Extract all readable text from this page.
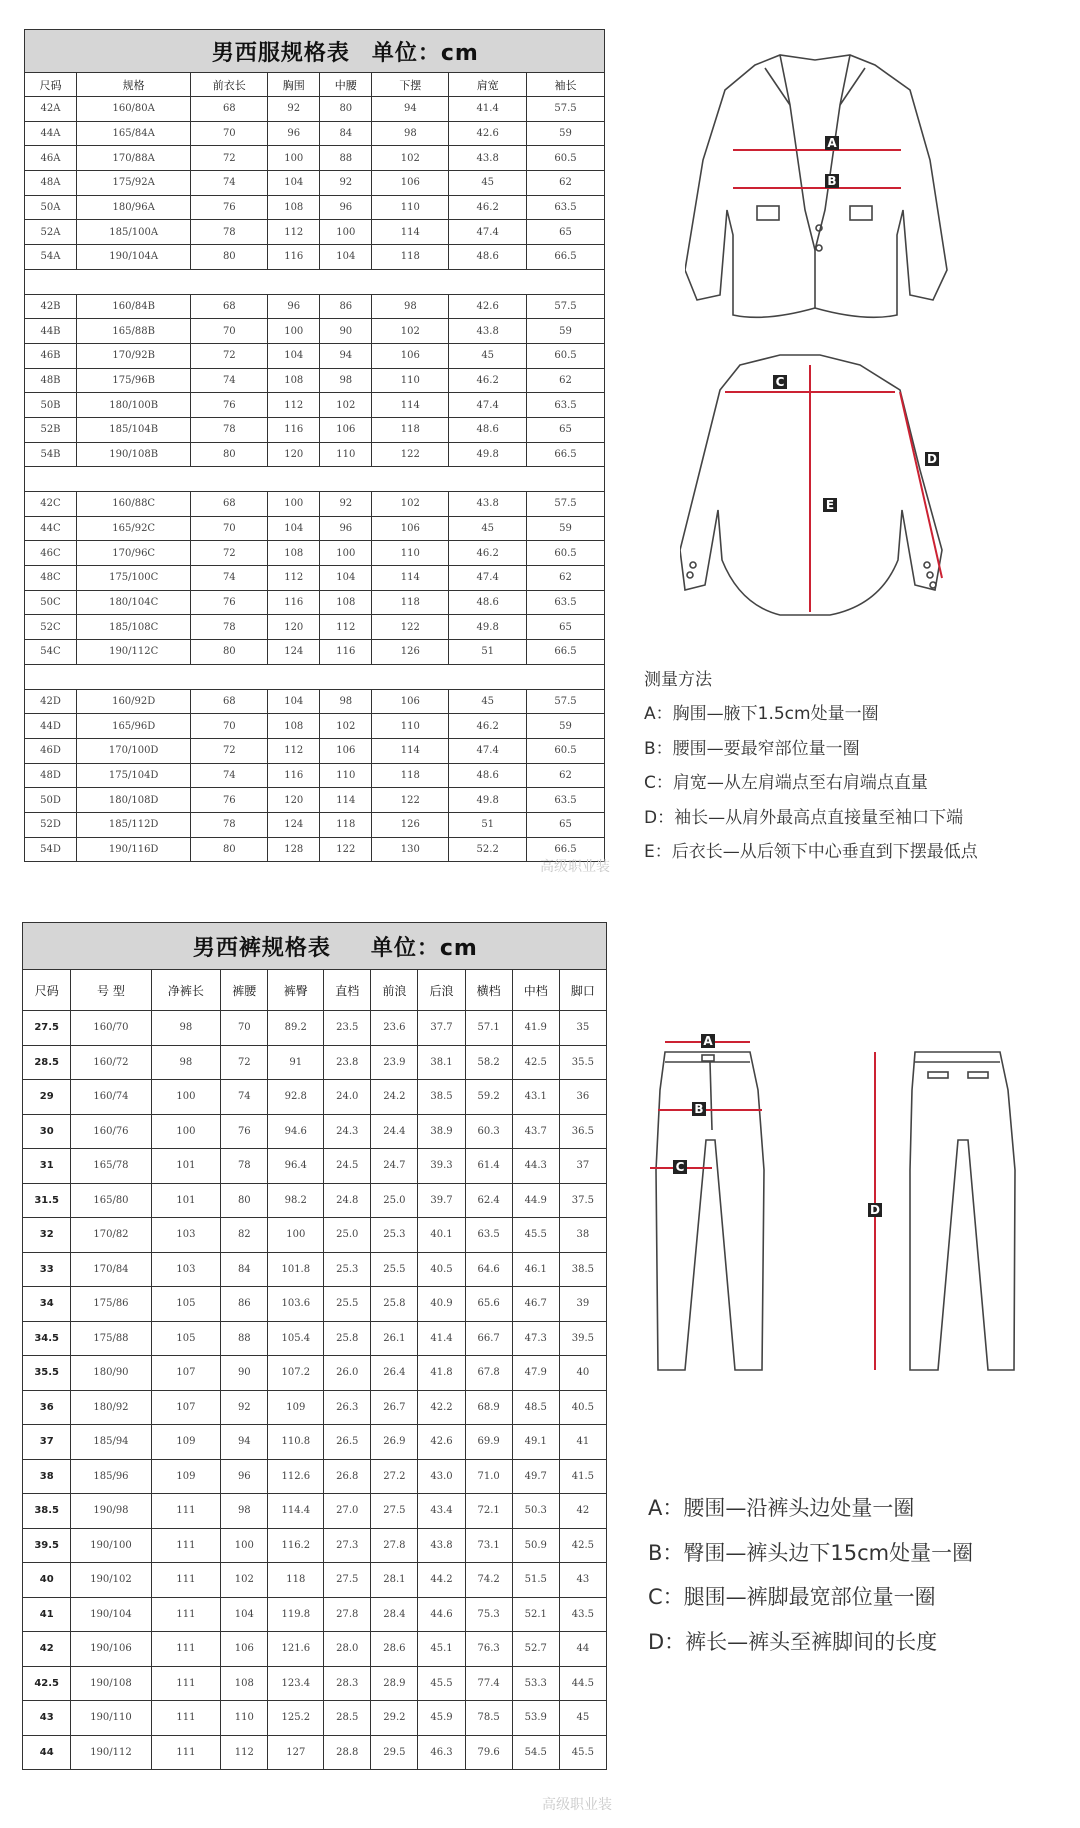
男西服规格表					单位：cm		
尺码	规格	前衣长	胸围	中腰	下摆	肩宽	袖长
42A	160/80A	68	92	80	94	41.4	57.5
44A	165/84A	70	96	84	98	42.6	59
46A	170/88A	72	100	88	102	43.8	60.5
48A	175/92A	74	104	92	106	45	62
50A	180/96A	76	108	96	110	46.2	63.5
52A	185/100A	78	112	100	114	47.4	65
54A	190/104A	80	116	104	118	48.6	66.5

42B	160/84B	68	96	86	98	42.6	57.5
44B	165/88B	70	100	90	102	43.8	59
46B	170/92B	72	104	94	106	45	60.5
48B	175/96B	74	108	98	110	46.2	62
50B	180/100B	76	112	102	114	47.4	63.5
52B	185/104B	78	116	106	118	48.6	65
54B	190/108B	80	120	110	122	49.8	66.5

42C	160/88C	68	100	92	102	43.8	57.5
44C	165/92C	70	104	96	106	45	59
46C	170/96C	72	108	100	110	46.2	60.5
48C	175/100C	74	112	104	114	47.4	62
50C	180/104C	76	116	108	118	48.6	63.5
52C	185/108C	78	120	112	122	49.8	65
54C	190/112C	80	124	116	126	51	66.5

42D	160/92D	68	104	98	106	45	57.5
44D	165/96D	70	108	102	110	46.2	59
46D	170/100D	72	112	106	114	47.4	60.5
48D	175/104D	74	116	110	118	48.6	62
50D	180/108D	76	120	114	122	49.8	63.5
52D	185/112D	78	124	118	126	51	65
54D	190/116D	80	128	122	130	52.2	66.5
A
B
C
D
E
测量方法
A：胸围—腋下1.5cm处量一圈
B：腰围—要最窄部位量一圈
C：肩宽—从左肩端点至右肩端点直量
D：袖长—从肩外最高点直接量至袖口下端
E：后衣长—从后领下中心垂直到下摆最低点
高级职业装
男西裤规格表						单位：cm				
尺码	号 型	净裤长	裤腰	裤臀	直档	前浪	后浪	横档	中档	脚口
27.5	160/70	98	70	89.2	23.5	23.6	37.7	57.1	41.9	35
28.5	160/72	98	72	91	23.8	23.9	38.1	58.2	42.5	35.5
29	160/74	100	74	92.8	24.0	24.2	38.5	59.2	43.1	36
30	160/76	100	76	94.6	24.3	24.4	38.9	60.3	43.7	36.5
31	165/78	101	78	96.4	24.5	24.7	39.3	61.4	44.3	37
31.5	165/80	101	80	98.2	24.8	25.0	39.7	62.4	44.9	37.5
32	170/82	103	82	100	25.0	25.3	40.1	63.5	45.5	38
33	170/84	103	84	101.8	25.3	25.5	40.5	64.6	46.1	38.5
34	175/86	105	86	103.6	25.5	25.8	40.9	65.6	46.7	39
34.5	175/88	105	88	105.4	25.8	26.1	41.4	66.7	47.3	39.5
35.5	180/90	107	90	107.2	26.0	26.4	41.8	67.8	47.9	40
36	180/92	107	92	109	26.3	26.7	42.2	68.9	48.5	40.5
37	185/94	109	94	110.8	26.5	26.9	42.6	69.9	49.1	41
38	185/96	109	96	112.6	26.8	27.2	43.0	71.0	49.7	41.5
38.5	190/98	111	98	114.4	27.0	27.5	43.4	72.1	50.3	42
39.5	190/100	111	100	116.2	27.3	27.8	43.8	73.1	50.9	42.5
40	190/102	111	102	118	27.5	28.1	44.2	74.2	51.5	43
41	190/104	111	104	119.8	27.8	28.4	44.6	75.3	52.1	43.5
42	190/106	111	106	121.6	28.0	28.6	45.1	76.3	52.7	44
42.5	190/108	111	108	123.4	28.3	28.9	45.5	77.4	53.3	44.5
43	190/110	111	110	125.2	28.5	29.2	45.9	78.5	53.9	45
44	190/112	111	112	127	28.8	29.5	46.3	79.6	54.5	45.5
A
B
C
D
A：腰围—沿裤头边处量一圈
B：臀围—裤头边下15cm处量一圈
C：腿围—裤脚最宽部位量一圈
D：裤长—裤头至裤脚间的长度
高级职业装
